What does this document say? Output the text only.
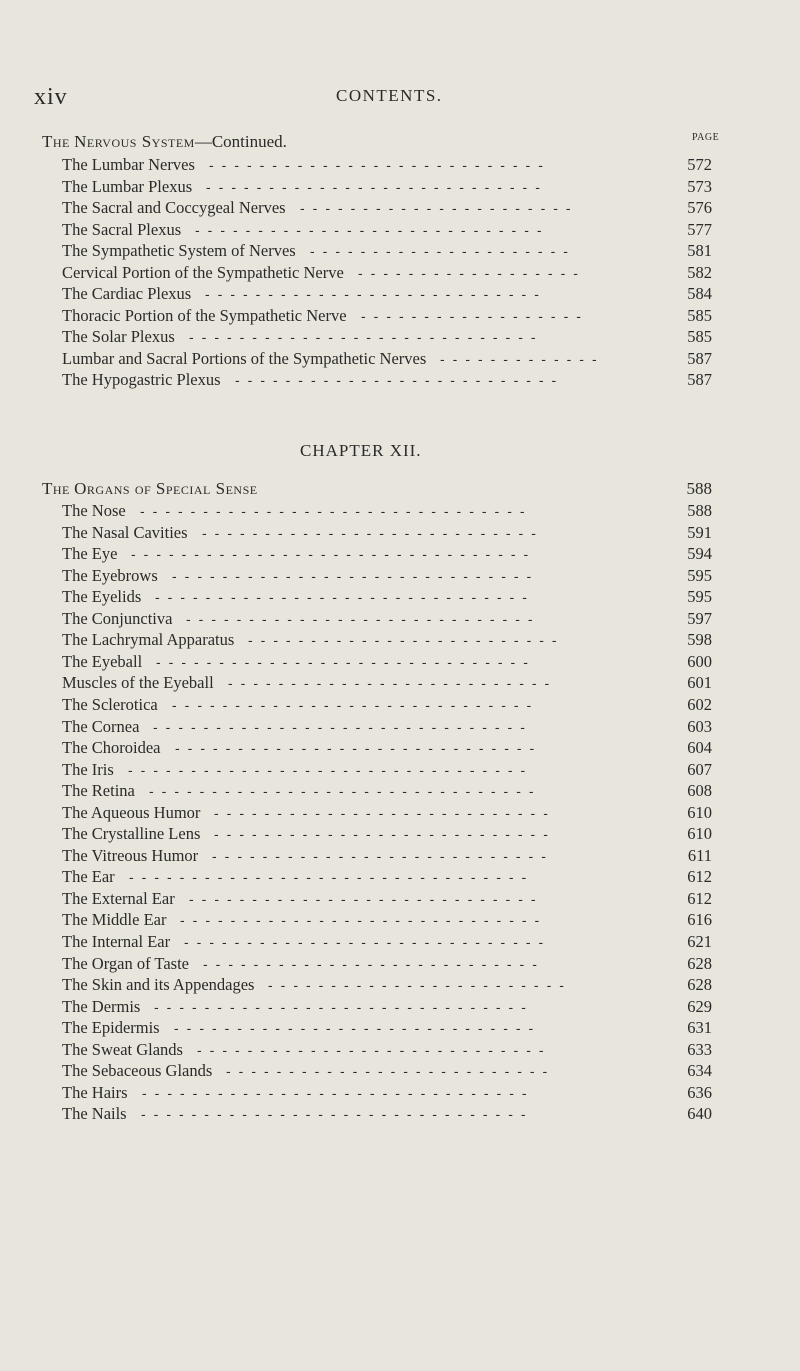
xiv	CONTENTS.
The Nervous System—Continued.	PAGE
The Lumbar Nerves ---------------------------	572
The Lumbar Plexus ---------------------------	573
The Sacral and Coccygeal Nerves ----------------------	576
The Sacral Plexus ----------------------------	577
The Sympathetic System of Nerves ---------------------	581
Cervical Portion of the Sympathetic Nerve ------------------	582
The Cardiac Plexus ---------------------------	584
Thoracic Portion of the Sympathetic Nerve ------------------	585
The Solar Plexus ----------------------------	585
Lumbar and Sacral Portions of the Sympathetic Nerves -------------	587
The Hypogastric Plexus --------------------------	587
CHAPTER XII.
The Organs of Special Sense	588
The Nose -------------------------------	588
The Nasal Cavities ---------------------------	591
The Eye --------------------------------	594
The Eyebrows -----------------------------	595
The Eyelids ------------------------------	595
The Conjunctiva ----------------------------	597
The Lachrymal Apparatus -------------------------	598
The Eyeball ------------------------------	600
Muscles of the Eyeball --------------------------	601
The Sclerotica -----------------------------	602
The Cornea ------------------------------	603
The Choroidea -----------------------------	604
The Iris --------------------------------	607
The Retina -------------------------------	608
The Aqueous Humor ---------------------------	610
The Crystalline Lens ---------------------------	610
The Vitreous Humor ---------------------------	611
The Ear --------------------------------	612
The External Ear ----------------------------	612
The Middle Ear -----------------------------	616
The Internal Ear -----------------------------	621
The Organ of Taste ---------------------------	628
The Skin and its Appendages ------------------------	628
The Dermis ------------------------------	629
The Epidermis -----------------------------	631
The Sweat Glands ----------------------------	633
The Sebaceous Glands --------------------------	634
The Hairs -------------------------------	636
The Nails -------------------------------	640
